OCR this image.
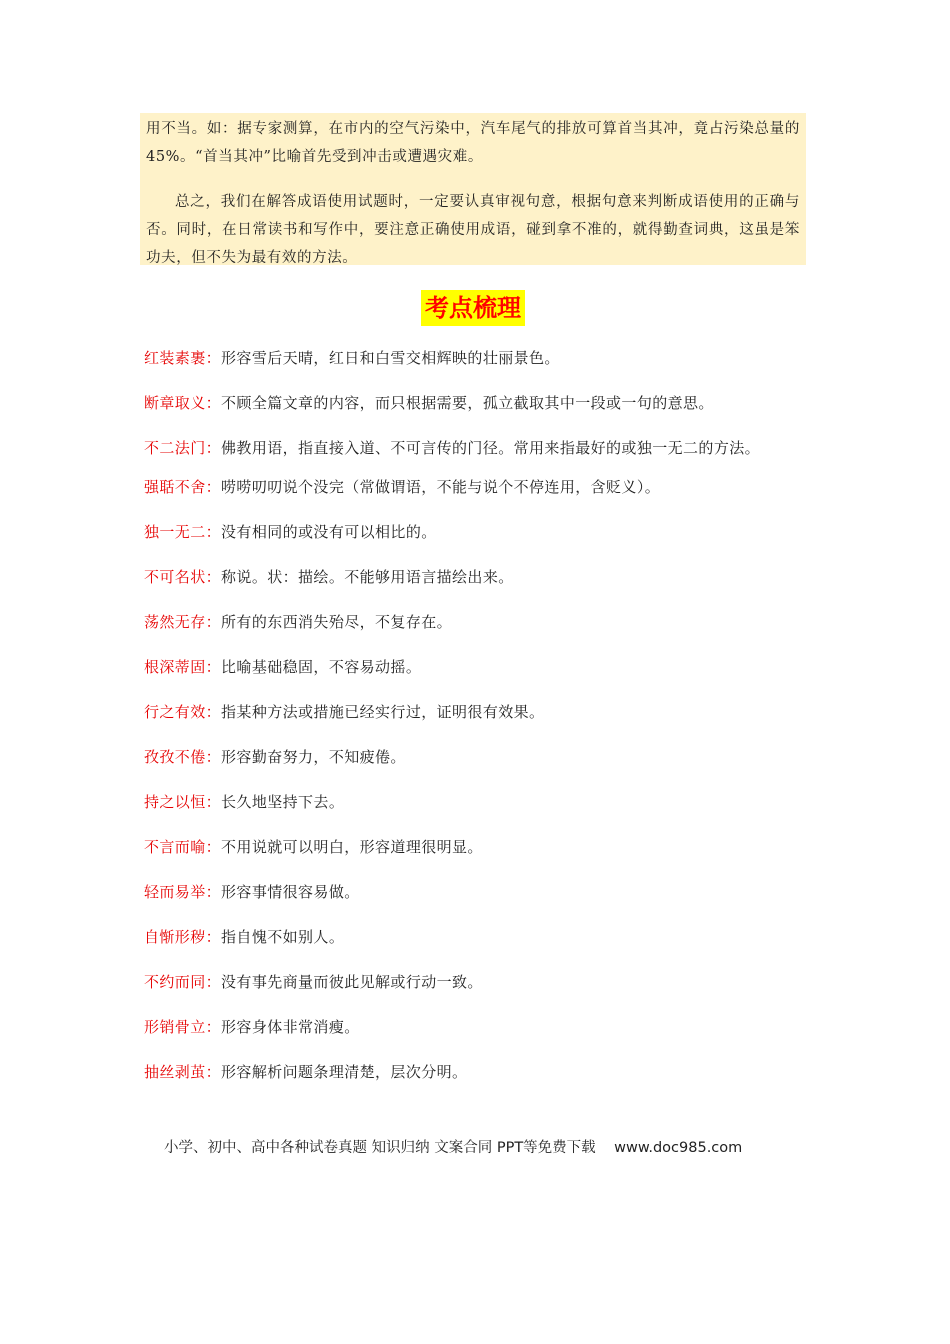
用不当。如：据专家测算，在市内的空气污染中，汽车尾气的排放可算首当其冲，竟占污染总量的45%。“首当其冲”比喻首先受到冲击或遭遇灾难。

总之，我们在解答成语使用试题时，一定要认真审视句意，根据句意来判断成语使用的正确与否。同时，在日常读书和写作中，要注意正确使用成语，碰到拿不准的，就得勤查词典，这虽是笨功夫，但不失为最有效的方法。

考点梳理
红装素裹：形容雪后天晴，红日和白雪交相辉映的壮丽景色。
断章取义：不顾全篇文章的内容，而只根据需要，孤立截取其中一段或一句的意思。
不二法门：佛教用语，指直接入道、不可言传的门径。常用来指最好的或独一无二的方法。
强聒不舍：唠唠叨叨说个没完（常做谓语，不能与说个不停连用，含贬义）。
独一无二：没有相同的或没有可以相比的。
不可名状：称说。状：描绘。不能够用语言描绘出来。
荡然无存：所有的东西消失殆尽，不复存在。
根深蒂固：比喻基础稳固，不容易动摇。
行之有效：指某种方法或措施已经实行过，证明很有效果。
孜孜不倦：形容勤奋努力，不知疲倦。
持之以恒：长久地坚持下去。
不言而喻：不用说就可以明白，形容道理很明显。
轻而易举：形容事情很容易做。
自惭形秽：指自愧不如别人。
不约而同：没有事先商量而彼此见解或行动一致。
形销骨立：形容身体非常消瘦。
抽丝剥茧：形容解析问题条理清楚，层次分明。
小学、初中、高中各种试卷真题 知识归纳 文案合同 PPT等免费下载 www.doc985.com
